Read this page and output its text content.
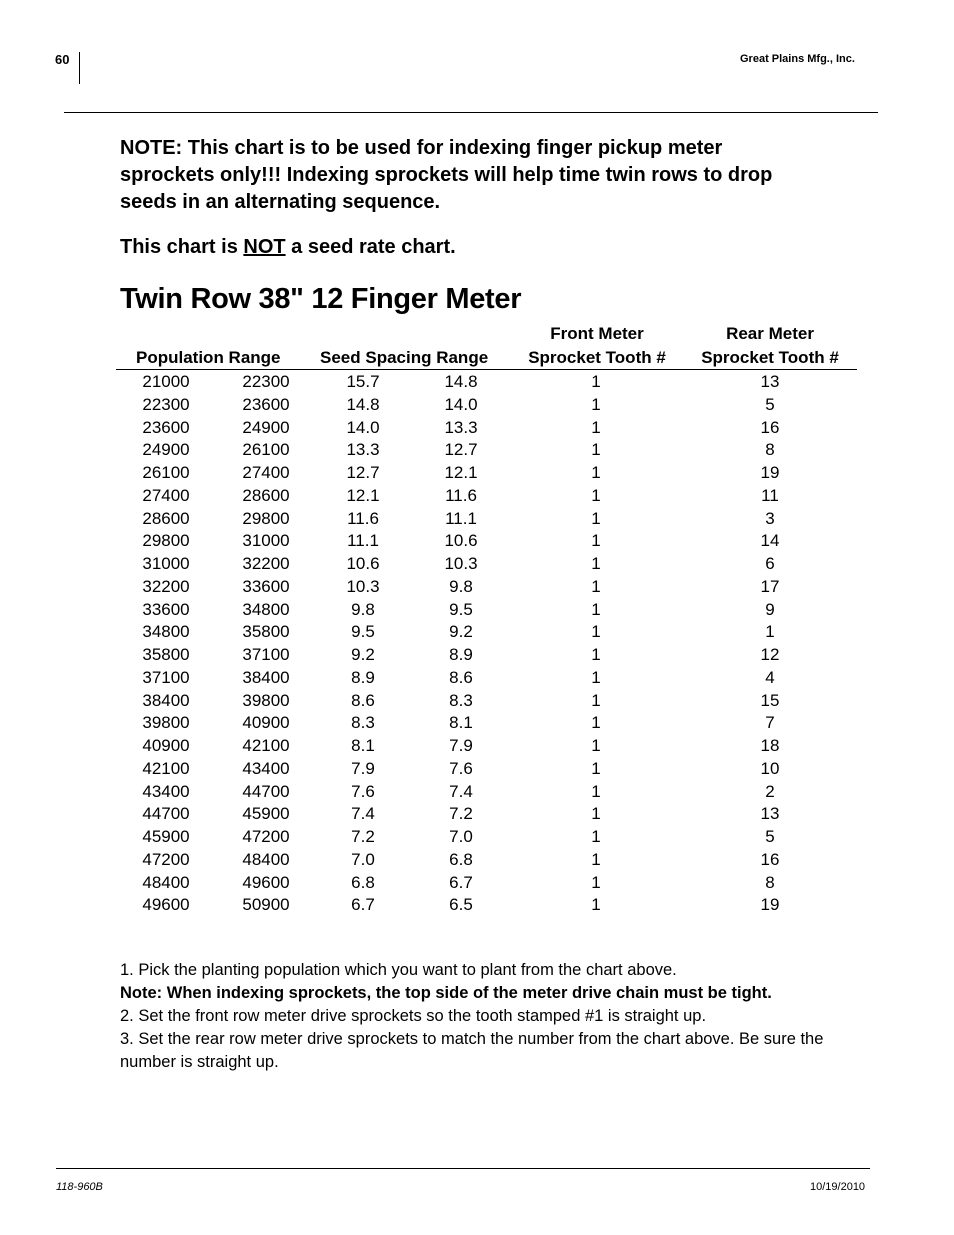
60	Great Plains Mfg., Inc.
NOTE: This chart is to be used for indexing finger pickup meter sprockets only!!! Indexing sprockets will help time twin rows to drop seeds in an alternating sequence.
This chart is NOT a seed rate chart.
Twin Row 38" 12 Finger Meter
Population Range Seed Spacing Range
Front Meter
Sprocket Tooth #
Rear Meter
Sprocket Tooth #
21000	22300	15.7	14.8	1	13
22300	23600	14.8	14.0	1	5
23600	24900	14.0	13.3	1	16
24900	26100	13.3	12.7	1	8
26100	27400	12.7	12.1	1	19
27400	28600	12.1	11.6	1	11
28600	29800	11.6	11.1	1	3
29800	31000	11.1	10.6	1	14
31000	32200	10.6	10.3	1	6
32200	33600	10.3	9.8	1	17
33600	34800	9.8	9.5	1	9
34800	35800	9.5	9.2	1	1
35800	37100	9.2	8.9	1	12
37100	38400	8.9	8.6	1	4
38400	39800	8.6	8.3	1	15
39800	40900	8.3	8.1	1	7
40900	42100	8.1	7.9	1	18
42100	43400	7.9	7.6	1	10
43400	44700	7.6	7.4	1	2
44700	45900	7.4	7.2	1	13
45900	47200	7.2	7.0	1	5
47200	48400	7.0	6.8	1	16
48400	49600	6.8	6.7	1	8
49600	50900	6.7	6.5	1	19

1. Pick the planting population which you want to plant from the chart above.

Note: When indexing sprockets, the top side of the meter drive chain must be tight.

2. Set the front row meter drive sprockets so the tooth stamped #1 is straight up.

3. Set the rear row meter drive sprockets to match the number from the chart above. Be sure the number is straight up.

118-960B	10/19/2010
